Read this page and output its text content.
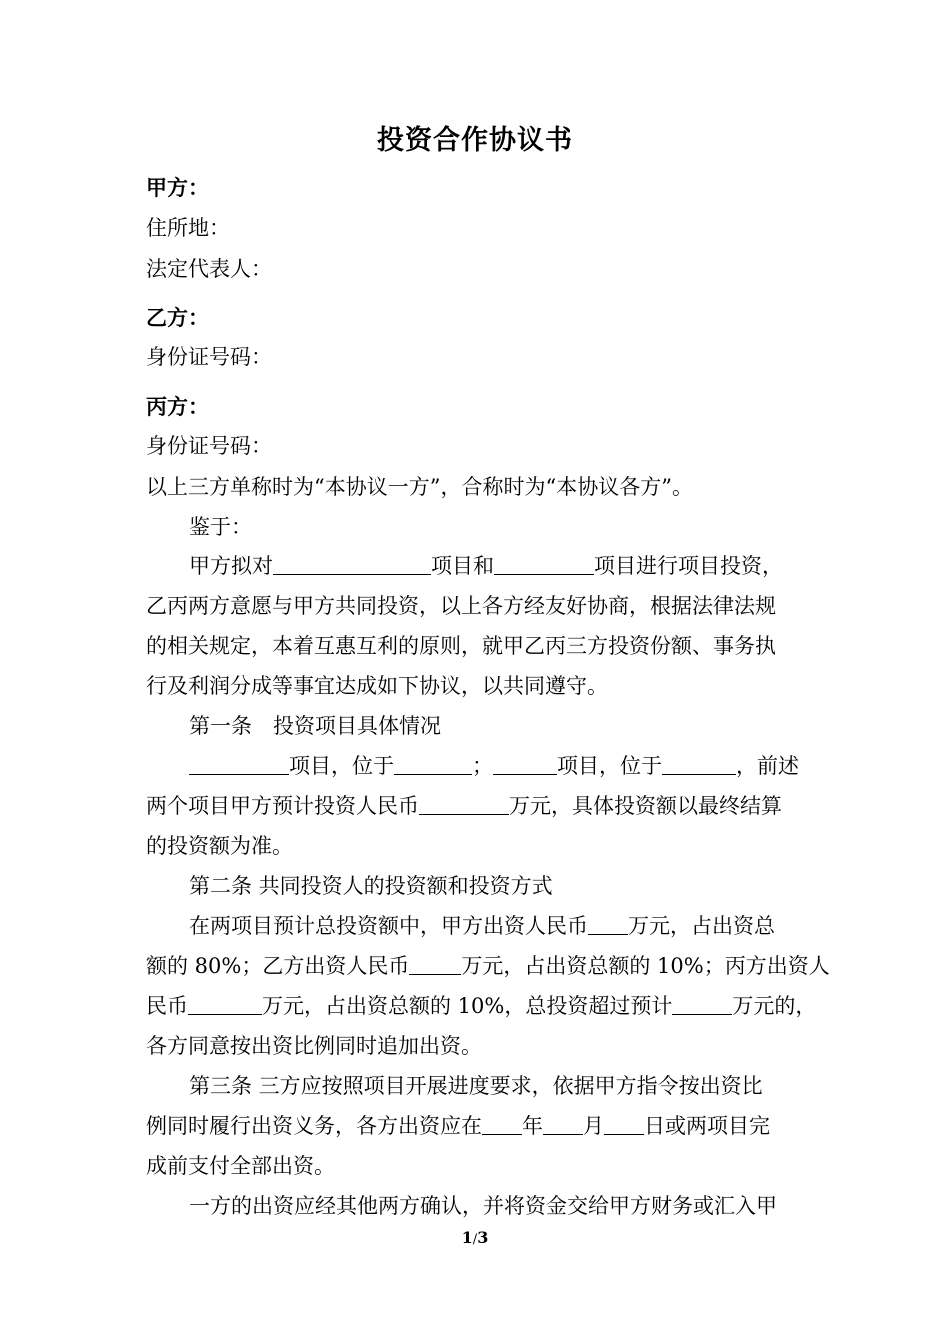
投资合作协议书
甲方：
住所地：
法定代表人：
乙方：
身份证号码：
丙方：
身份证号码：
以上三方单称时为“本协议一方”，合称时为“本协议各方”。
鉴于：
甲方拟对	项目和	项目进行项目投资，
乙丙两方意愿与甲方共同投资，以上各方经友好协商，根据法律法规
的相关规定，本着互惠互利的原则，就甲乙丙三方投资份额、事务执
行及利润分成等事宜达成如下协议，以共同遵守。
第一条　投资项目具体情况
项目，位于	；	项目，位于	，前述
两个项目甲方预计投资人民币	万元，具体投资额以最终结算
的投资额为准。
第二条 共同投资人的投资额和投资方式
在两项目预计总投资额中，甲方出资人民币 万元，占出资总
额的 80%；乙方出资人民币 万元，占出资总额的 10%；丙方出资人
民币	万元，占出资总额的 10%，总投资超过预计	万元的，
各方同意按出资比例同时追加出资。
第三条 三方应按照项目开展进度要求，依据甲方指令按出资比
例同时履行出资义务，各方出资应在 年 月 日或两项目完
成前支付全部出资。
一方的出资应经其他两方确认，并将资金交给甲方财务或汇入甲
1/3
